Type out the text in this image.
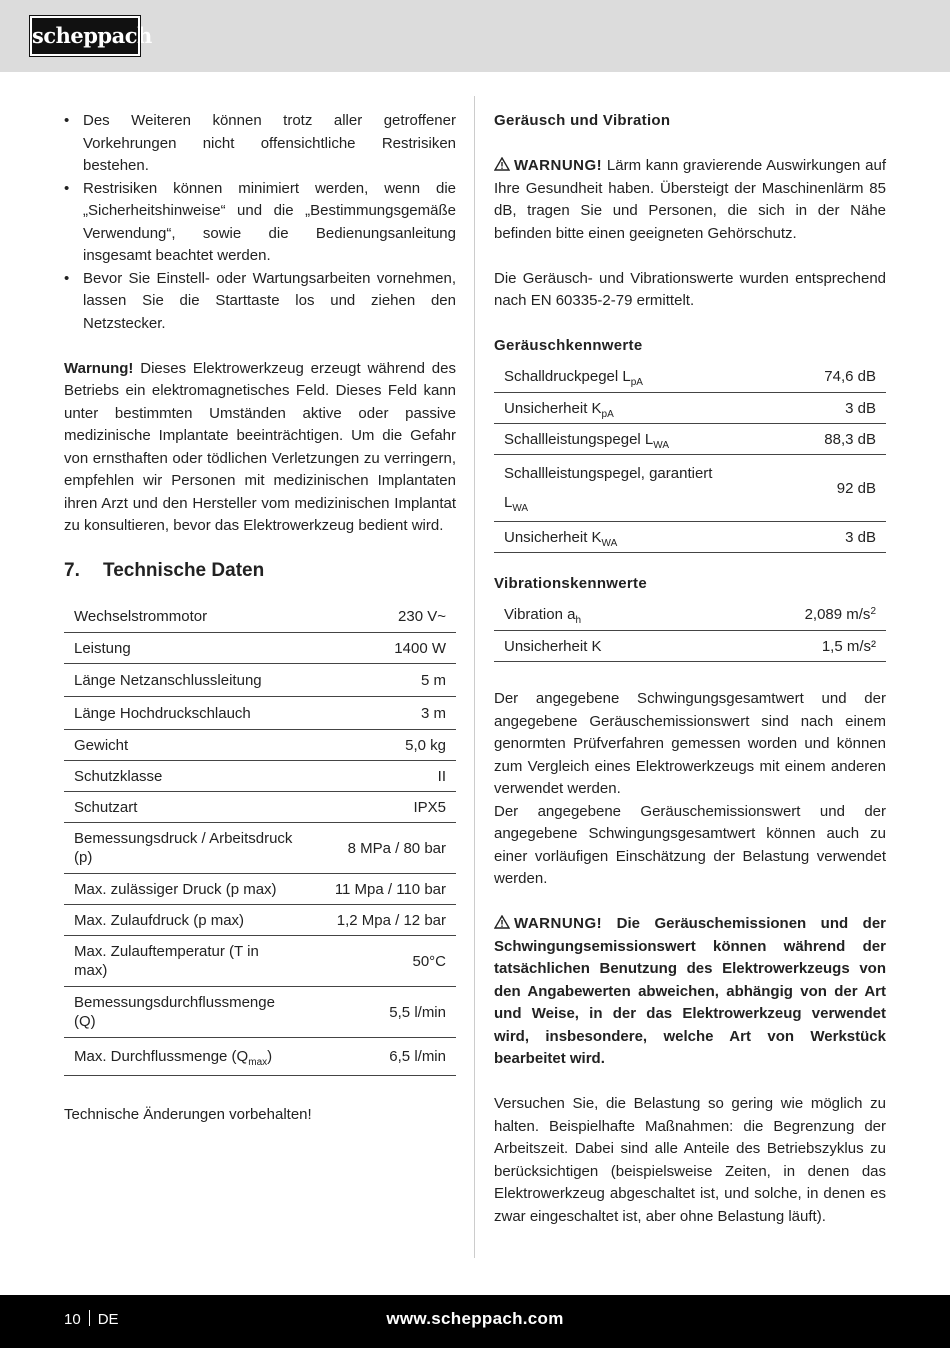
scheppach
• Des Weiteren können trotz aller getroffener Vorkehrungen nicht offensichtliche Restrisiken bestehen.
• Restrisiken können minimiert werden, wenn die „Sicherheitshinweise“ und die „Bestimmungsgemäße Verwendung“, sowie die Bedienungsanleitung insgesamt beachtet werden.
• Bevor Sie Einstell- oder Wartungsarbeiten vornehmen, lassen Sie die Starttaste los und ziehen den Netzstecker.

Warnung! Dieses Elektrowerkzeug erzeugt während des Betriebs ein elektromagnetisches Feld. Dieses Feld kann unter bestimmten Umständen aktive oder passive medizinische Implantate beeinträchtigen. Um die Gefahr von ernsthaften oder tödlichen Verletzungen zu verringern, empfehlen wir Personen mit medizinischen Implantaten ihren Arzt und den Hersteller vom medizinischen Implantat zu konsultieren, bevor das Elektrowerkzeug bedient wird.

7.	Technische Daten
Wechselstrommotor	230 V~
Leistung	1400 W
Länge Netzanschlussleitung	5 m
Länge Hochdruckschlauch	3 m
Gewicht	5,0 kg
Schutzklasse	II
Schutzart	IPX5
Bemessungsdruck / Arbeitsdruck (p)	8 MPa / 80 bar
Max. zulässiger Druck (p max)	11 Mpa / 110 bar
Max. Zulaufdruck (p max)	1,2 Mpa / 12 bar
Max. Zulauftemperatur (T in max)	50°C
Bemessungsdurchflussmenge (Q)	5,5 l/min
Max. Durchflussmenge $(Q_{max})$	6,5 l/min

Technische Änderungen vorbehalten!

Geräusch und Vibration

WARNUNG! Lärm kann gravierende Auswirkungen auf Ihre Gesundheit haben. Übersteigt der Maschinenlärm 85 dB, tragen Sie und Personen, die sich in der Nähe befinden bitte einen geeigneten Gehörschutz.

Die Geräusch- und Vibrationswerte wurden entsprechend nach EN 60335-2-79 ermittelt.

Geräuschkennwerte
Schalldruckpegel $L_{pA}$	74,6 dB
Unsicherheit $K_{pA}$	3 dB
Schallleistungspegel $L_{WA}$	88,3 dB
Schallleistungspegel, garantiert $L_{WA}$	92 dB
Unsicherheit $K_{WA}$	3 dB
Vibrationskennwerte
Vibration $a_h$	2,089 $m/s^2$
Unsicherheit K	1,5 m/s²

Der angegebene Schwingungsgesamtwert und der angegebene Geräuschemissionswert sind nach einem genormten Prüfverfahren gemessen worden und können zum Vergleich eines Elektrowerkzeugs mit einem anderen verwendet werden.

Der angegebene Geräuschemissionswert und der angegebene Schwingungsgesamtwert können auch zu einer vorläufigen Einschätzung der Belastung verwendet werden.

WARNUNG! Die Geräuschemissionen und der Schwingungsemissionswert können während der tatsächlichen Benutzung des Elektrowerkzeugs von den Angabewerten abweichen, abhängig von der Art und Weise, in der das Elektrowerkzeug verwendet wird, insbesondere, welche Art von Werkstück bearbeitet wird.

Versuchen Sie, die Belastung so gering wie möglich zu halten. Beispielhafte Maßnahmen: die Begrenzung der Arbeitszeit. Dabei sind alle Anteile des Betriebszyklus zu berücksichtigen (beispielsweise Zeiten, in denen das Elektrowerkzeug abgeschaltet ist, und solche, in denen es zwar eingeschaltet ist, aber ohne Belastung läuft).

www.scheppach.com
10 DE
